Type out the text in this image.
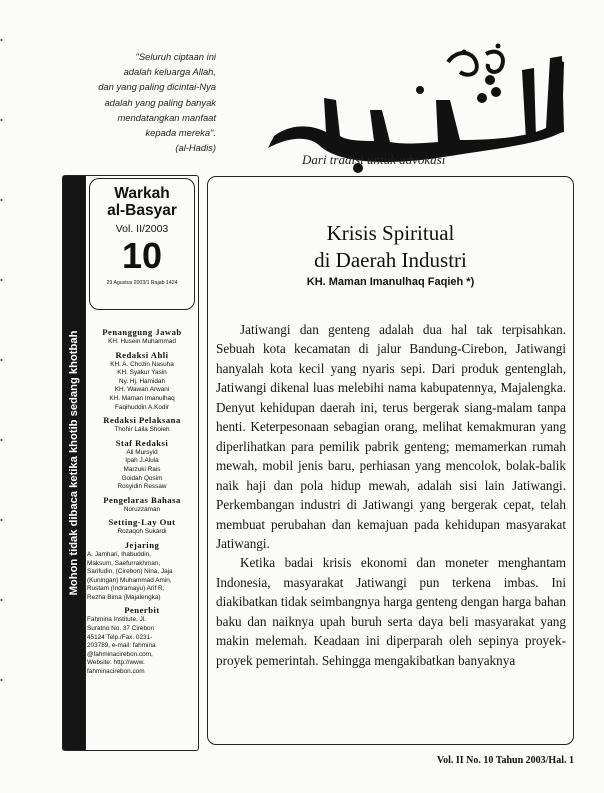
"Seluruh ciptaan ini
adalah keluarga Allah,
dan yang paling dicintai-Nya
adalah yang paling banyak
mendatangkan manfaat
kepada mereka".
(al-Hadis)
Dari tradisi untuk advokasi
Mohon tidak dibaca ketika khotib sedang khotbah
Warkah
al-Basyar
Vol. II/2003
10
29 Agustus 2003/1 Rajab 1424
Penanggung Jawab
KH. Husein Muhammad
Redaksi Ahli
KH. A. Chozin Nasuha
KH. Syakur Yasin
Ny. Hj. Hamidah
KH. Wawan Arwani
KH. Maman Imanulhaq
Faqihuddin A.Kodir
Redaksi Pelaksana
Thohir Laila Shoieh
Staf Redaksi
Ali Mursyid
Ipah J.Alula
Marzuki Rais
Goidah Qosim
Rosyidin Ressaw
Pengelaras Bahasa
Noruzzaman
Setting-Lay Out
Rozaqoh Sukardi
Jejaring
A. Jamhari, Ihabuddin,
Maksum, Saefurrakhman,
Sarifudin, (Cirebon) Nina, Jaja
(Kuningan) Muhammad Amin,
Rustam (Indramayu) Arif R,
Rezha Bima (Majalengka)
Penerbit
Fahmina Institute, Jl.
Suratno No. 37 Cirebon
45124 Telp./Fax. 0231-
203789, e-mail: fahmina
@fahminacirebon.com,
Website: http://www.
fahminacirebon.com
Krisis Spiritual
di Daerah Industri
KH. Maman Imanulhaq Faqieh *)

Jatiwangi dan genteng adalah dua hal tak terpisahkan. Sebuah kota kecamatan di jalur Bandung-Cirebon, Jatiwangi hanyalah kota kecil yang nyaris sepi. Dari produk gentenglah, Jatiwangi dikenal luas melebihi nama kabupatennya, Majalengka. Denyut kehidupan daerah ini, terus bergerak siang-malam tanpa henti. Keterpesonaan sebagian orang, melihat kemakmuran yang diperlihatkan para pemilik pabrik genteng; memamerkan rumah mewah, mobil jenis baru, perhiasan yang mencolok, bolak-balik naik haji dan pola hidup mewah, adalah sisi lain Jatiwangi. Perkembangan industri di Jatiwangi yang bergerak cepat, telah membuat perubahan dan kemajuan pada kehidupan masyarakat Jatiwangi.

Ketika badai krisis ekonomi dan moneter menghantam Indonesia, masyarakat Jatiwangi pun terkena imbas. Ini diakibatkan tidak seimbangnya harga genteng dengan harga bahan baku dan naiknya upah buruh serta daya beli masyarakat yang makin melemah. Keadaan ini diperparah oleh sepinya proyek-proyek pemerintah. Sehingga mengakibatkan banyaknya

Vol. II No. 10 Tahun 2003/Hal. 1
